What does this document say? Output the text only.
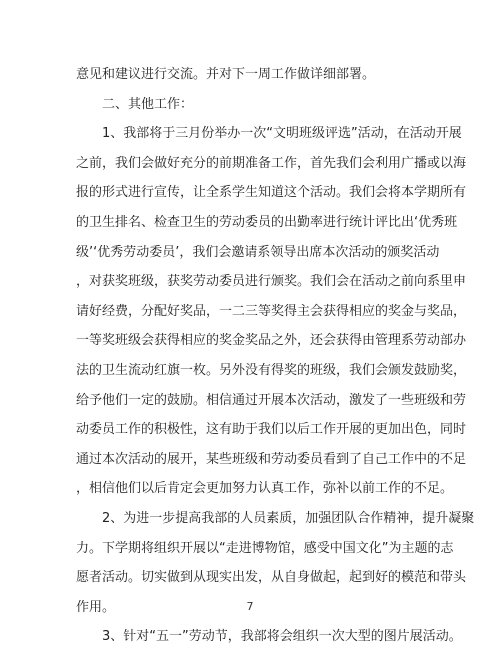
意见和建议进行交流。并对下一周工作做详细部署。
二、其他工作：
1、我部将于三月份举办一次“文明班级评选”活动，在活动开展
之前，我们会做好充分的前期准备工作，首先我们会利用广播或以海
报的形式进行宣传，让全系学生知道这个活动。我们会将本学期所有
的卫生排名、检查卫生的劳动委员的出勤率进行统计评比出‘优秀班
级’‘优秀劳动委员’，我们会邀请系领导出席本次活动的颁奖活动
，对获奖班级，获奖劳动委员进行颁奖。我们会在活动之前向系里申
请好经费，分配好奖品，一二三等奖得主会获得相应的奖金与奖品，
一等奖班级会获得相应的奖金奖品之外，还会获得由管理系劳动部办
法的卫生流动红旗一枚。另外没有得奖的班级，我们会颁发鼓励奖，
给予他们一定的鼓励。相信通过开展本次活动，激发了一些班级和劳
动委员工作的积极性，这有助于我们以后工作开展的更加出色，同时
通过本次活动的展开，某些班级和劳动委员看到了自己工作中的不足
，相信他们以后肯定会更加努力认真工作，弥补以前工作的不足。
2、为进一步提高我部的人员素质，加强团队合作精神，提升凝聚
力。下学期将组织开展以“走进博物馆，感受中国文化”为主题的志
愿者活动。切实做到从现实出发，从自身做起，起到好的模范和带头
作用。
3、针对“五一”劳动节，我部将会组织一次大型的图片展活动。
7
